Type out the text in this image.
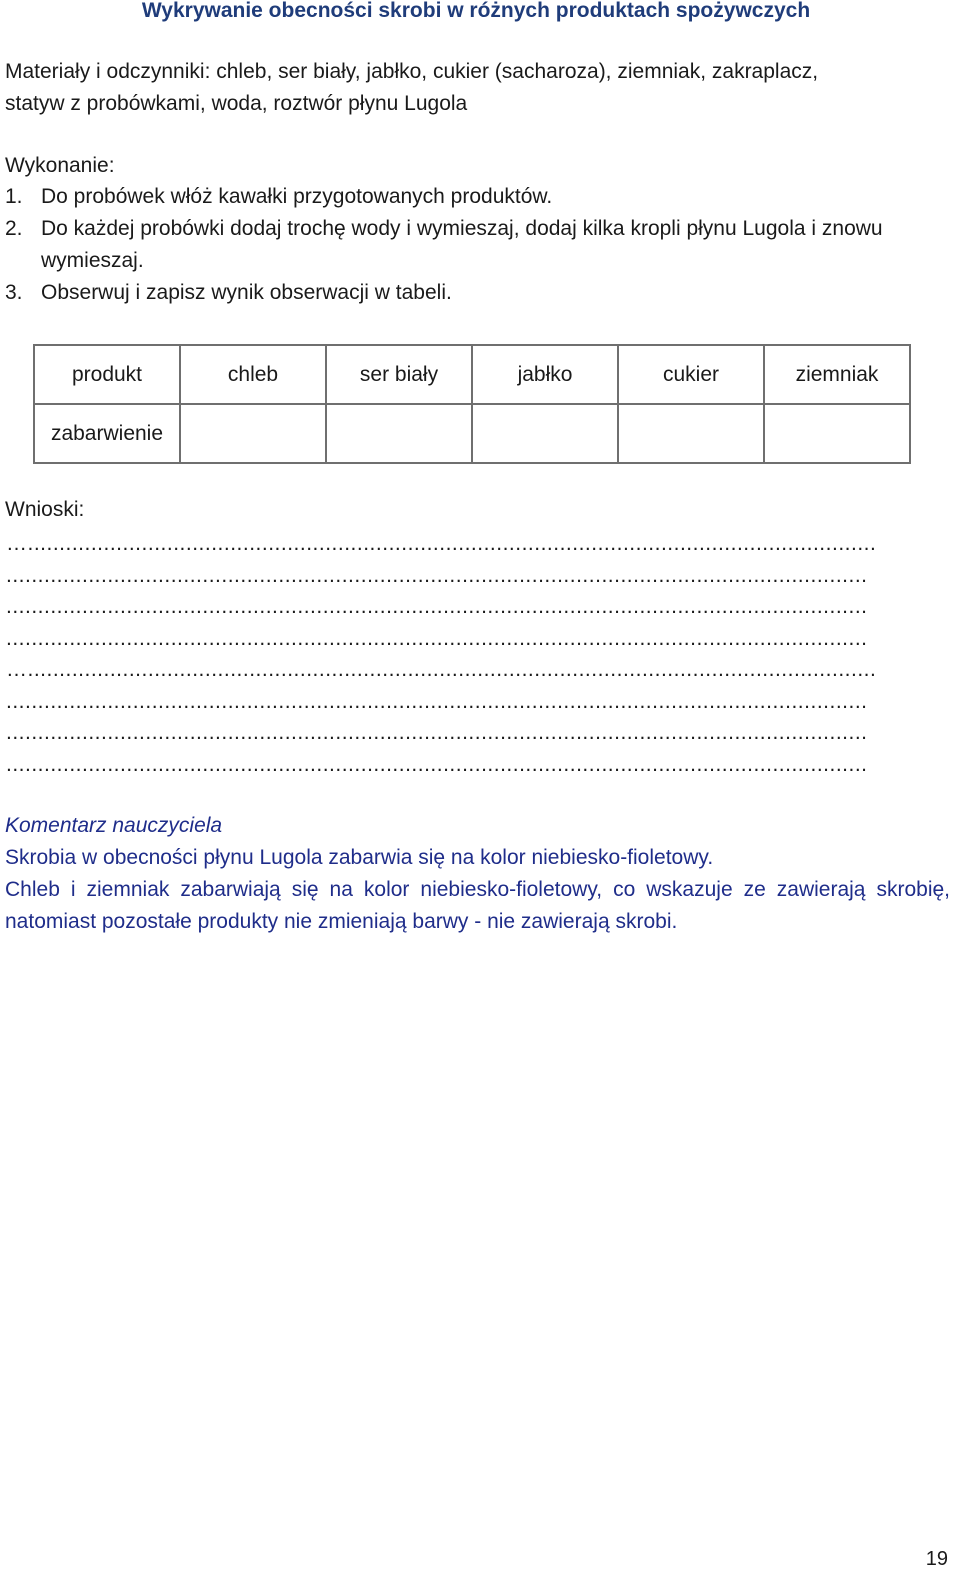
Wykrywanie obecności skrobi w różnych produktach spożywczych
Materiały i odczynniki: chleb, ser biały, jabłko, cukier (sacharoza), ziemniak, zakraplacz,
statyw z probówkami, woda, roztwór płynu Lugola
Wykonanie:
1. Do probówek włóż kawałki przygotowanych produktów.
2. Do każdej probówki dodaj trochę wody i wymieszaj, dodaj kilka kropli płynu Lugola i znowu wymieszaj.
3. Obserwuj i zapisz wynik obserwacji w tabeli.
produkt	chleb	ser biały	jabłko	cukier	ziemniak
zabarwienie					
Wnioski:
…......................................................................................................................................
........................................................................................................................................
........................................................................................................................................
........................................................................................................................................
…......................................................................................................................................
........................................................................................................................................
........................................................................................................................................
........................................................................................................................................
Komentarz nauczyciela
Skrobia w obecności płynu Lugola zabarwia się na kolor niebiesko-fioletowy.
Chleb i ziemniak zabarwiają się na kolor niebiesko-fioletowy, co wskazuje ze zawierają skrobię, natomiast pozostałe produkty nie zmieniają barwy - nie zawierają skrobi.
19
